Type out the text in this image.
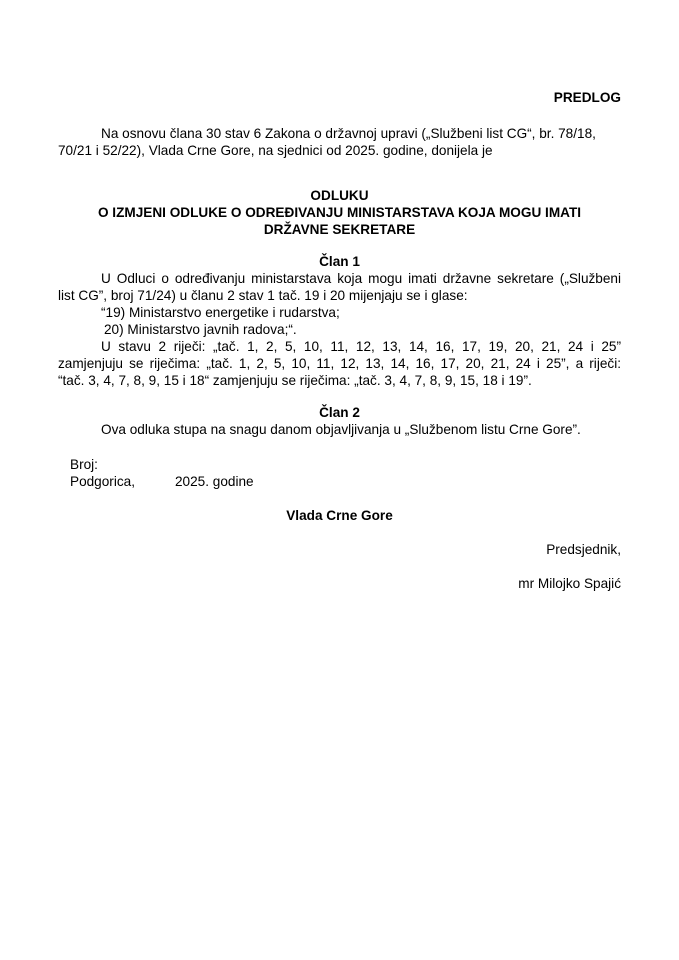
PREDLOG
Na osnovu člana 30 stav 6 Zakona o državnoj upravi („Službeni list CG“, br. 78/18,
70/21 i 52/22), Vlada Crne Gore, na sjednici od 2025. godine, donijela je
ODLUKU
O IZMJENI ODLUKE O ODREĐIVANJU MINISTARSTAVA KOJA MOGU IMATI
DRŽAVNE SEKRETARE
Član 1
U Odluci o određivanju ministarstava koja mogu imati državne sekretare („Službeni
list CG”, broj 71/24) u članu 2 stav 1 tač. 19 i 20 mijenjaju se i glase:
“19) Ministarstvo energetike i rudarstva;
20) Ministarstvo javnih radova;“.
U stavu 2 riječi: „tač. 1, 2, 5, 10, 11, 12, 13, 14, 16, 17, 19, 20, 21, 24 i 25”
zamjenjuju se riječima: „tač. 1, 2, 5, 10, 11, 12, 13, 14, 16, 17, 20, 21, 24 i 25”, a riječi:
“tač. 3, 4, 7, 8, 9, 15 i 18“ zamjenjuju se riječima: „tač. 3, 4, 7, 8, 9, 15, 18 i 19”.
Član 2
Ova odluka stupa na snagu danom objavljivanja u „Službenom listu Crne Gore”.
Broj:
Podgorica,	2025. godine
Vlada Crne Gore
Predsjednik,
mr Milojko Spajić
